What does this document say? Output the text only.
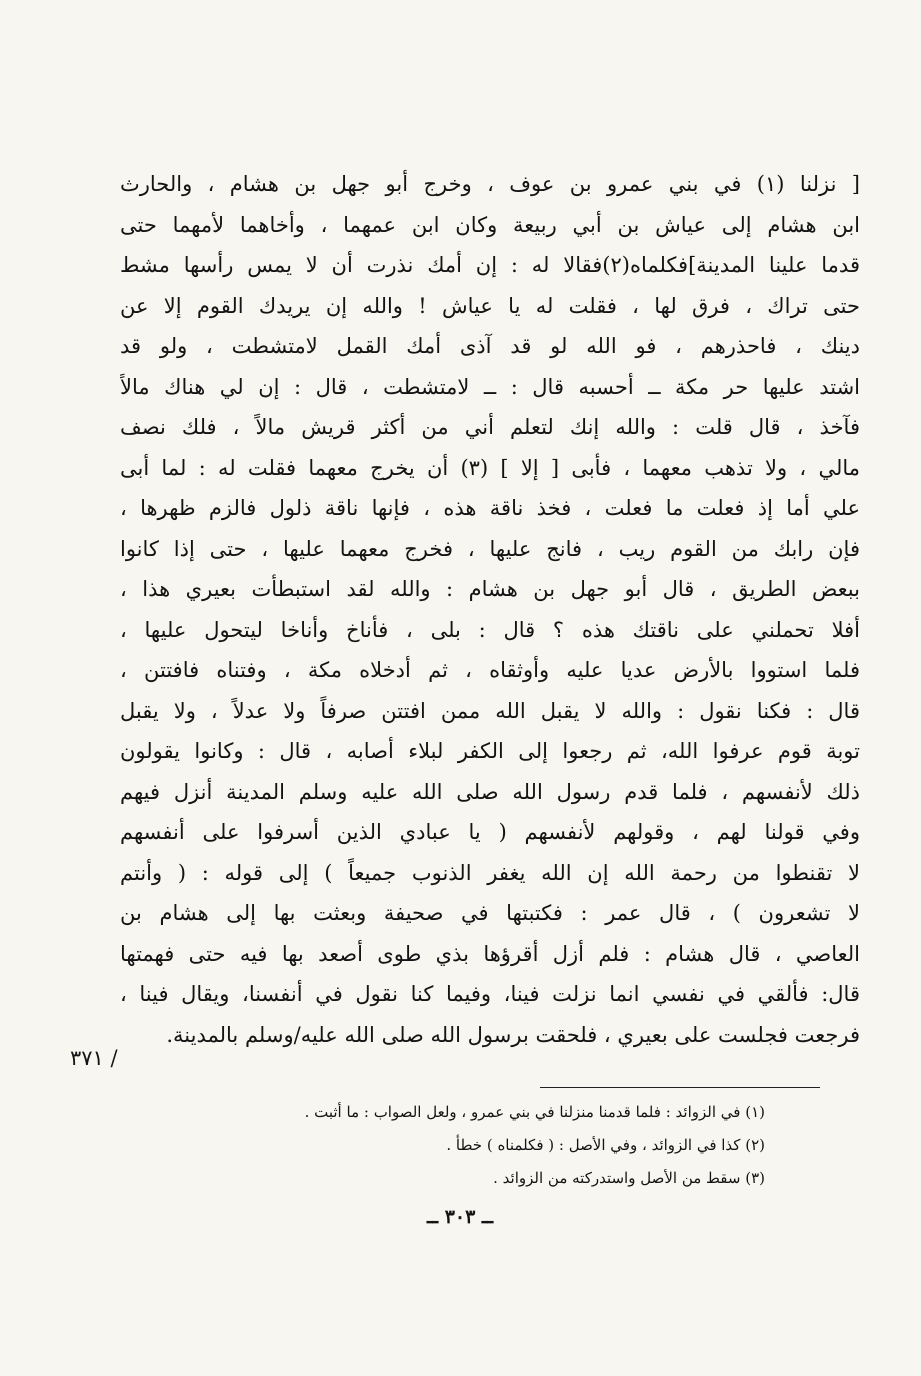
[ نزلنا (١) في بني عمرو بن عوف ، وخرج أبو جهل بن هشام ، والحارث
ابن هشام إلى عياش بن أبي ربيعة وكان ابن عمهما ، وأخاهما لأمهما حتى
قدما علينا المدينة]فكلماه(٢)فقالا له : إن أمك نذرت أن لا يمس رأسها مشط
حتى تراك ، فرق لها ، فقلت له يا عياش ! والله إن يريدك القوم إلا عن
دينك ، فاحذرهم ، فو الله لو قد آذى أمك القمل لامتشطت ، ولو قد
اشتد عليها حر مكة ــ أحسبه قال : ــ لامتشطت ، قال : إن لي هناك مالاً
فآخذ ، قال قلت : والله إنك لتعلم أني من أكثر قريش مالاً ، فلك نصف
مالي ، ولا تذهب معهما ، فأبى [ إلا ] (٣) أن يخرج معهما فقلت له : لما أبى
علي أما إذ فعلت ما فعلت ، فخذ ناقة هذه ، فإنها ناقة ذلول فالزم ظهرها ،
فإن رابك من القوم ريب ، فانج عليها ، فخرج معهما عليها ، حتى إذا كانوا
ببعض الطريق ، قال أبو جهل بن هشام : والله لقد استبطأت بعيري هذا ،
أفلا تحملني على ناقتك هذه ؟ قال : بلى ، فأناخ وأناخا ليتحول عليها ،
فلما استووا بالأرض عديا عليه وأوثقاه ، ثم أدخلاه مكة ، وفتناه فافتتن ،
قال : فكنا نقول : والله لا يقبل الله ممن افتتن صرفاً ولا عدلاً ، ولا يقبل
توبة قوم عرفوا الله، ثم رجعوا إلى الكفر لبلاء أصابه ، قال : وكانوا يقولون
ذلك لأنفسهم ، فلما قدم رسول الله صلى الله عليه وسلم المدينة أنزل فيهم
وفي قولنا لهم ، وقولهم لأنفسهم ( يا عبادي الذين أسرفوا على أنفسهم
لا تقنطوا من رحمة الله إن الله يغفر الذنوب جميعاً ) إلى قوله : ( وأنتم
لا تشعرون ) ، قال عمر : فكتبتها في صحيفة وبعثت بها إلى هشام بن
العاصي ، قال هشام : فلم أزل أقرؤها بذي طوى أصعد بها فيه حتى فهمتها
قال: فألقي في نفسي انما نزلت فينا، وفيما كنا نقول في أنفسنا، ويقال فينا ،
فرجعت فجلست على بعيري ، فلحقت برسول الله صلى الله عليه/وسلم بالمدينة.
/ ٣٧١
(١) في الزوائد : فلما قدمنا منزلنا في بني عمرو ، ولعل الصواب : ما أثبت .
(٢) كذا في الزوائد ، وفي الأصل : ( فكلمناه ) خطأ .
(٣) سقط من الأصل واستدركته من الزوائد .
ــ ٣٠٣ ــ
